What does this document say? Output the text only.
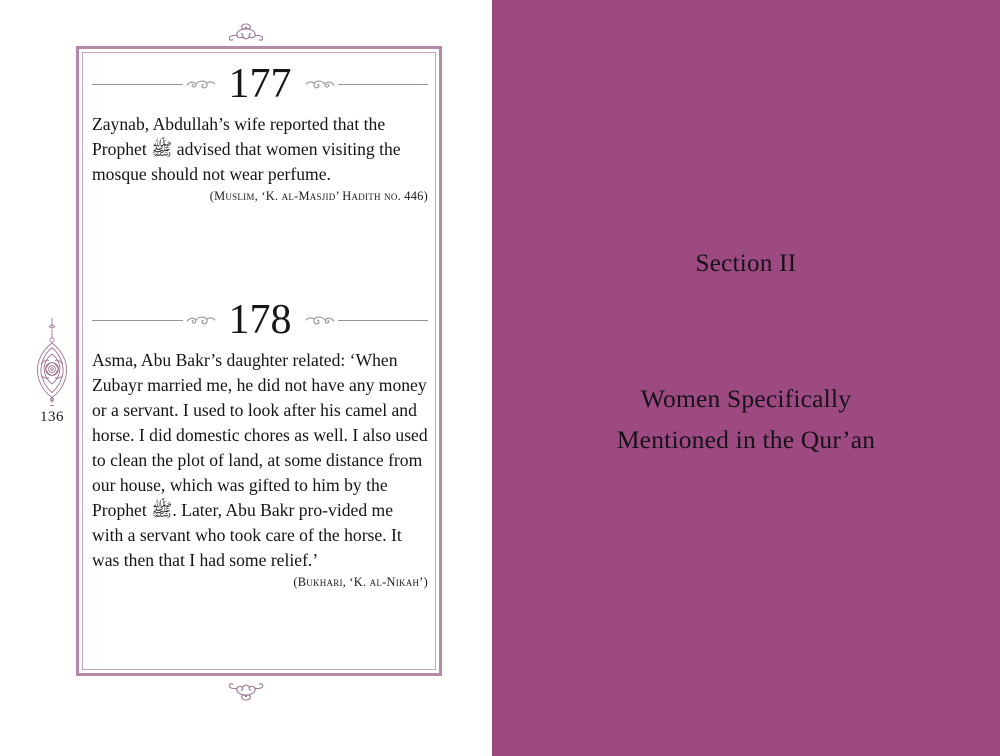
136
177

Zaynab, Abdullah’s wife reported that the Prophet ﷺ advised that women visiting the mosque should not wear perfume.

(Muslim, ‘K. al-Masjid’ Hadith no. 446)
178

Asma, Abu Bakr’s daughter related: ‘When Zubayr married me, he did not have any money or a servant. I used to look after his camel and horse. I did domestic chores as well. I also used to clean the plot of land, at some distance from our house, which was gifted to him by the Prophet ﷺ. Later, Abu Bakr pro-vided me with a servant who took care of the horse. It was then that I had some relief.’

(Bukhari, ‘K. al-Nikah’)
Section II
Women Specifically
Mentioned in the Qur’an
